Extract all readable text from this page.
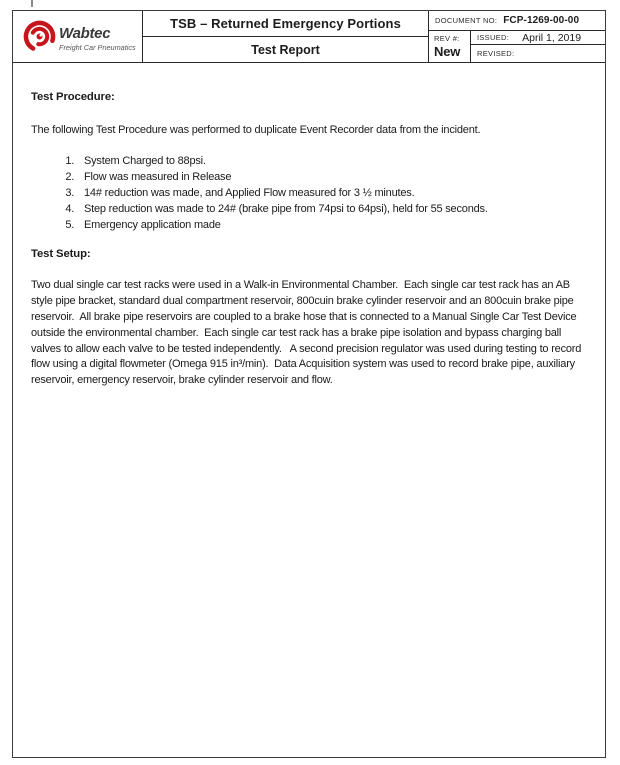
Wabtec
Freight Car Pneumatics
TSB – Returned Emergency Portions
Test Report
DOCUMENT NO: FCP-1269-00-00
REV #:
New
ISSUED: April 1, 2019
REVISED:
Test Procedure:

The following Test Procedure was performed to duplicate Event Recorder data from the incident.

1. System Charged to 88psi.
2. Flow was measured in Release
3. 14# reduction was made, and Applied Flow measured for 3 ½ minutes.
4. Step reduction was made to 24# (brake pipe from 74psi to 64psi), held for 55 seconds.
5. Emergency application made
Test Setup:

Two dual single car test racks were used in a Walk-in Environmental Chamber.  Each single car test rack has an AB style pipe bracket, standard dual compartment reservoir, 800cuin brake cylinder reservoir and an 800cuin brake pipe reservoir.  All brake pipe reservoirs are coupled to a brake hose that is connected to a Manual Single Car Test Device outside the environmental chamber.  Each single car test rack has a brake pipe isolation and bypass charging ball valves to allow each valve to be tested independently.   A second precision regulator was used during testing to record flow using a digital flowmeter (Omega 915 in³/min).  Data Acquisition system was used to record brake pipe, auxiliary reservoir, emergency reservoir, brake cylinder reservoir and flow.
